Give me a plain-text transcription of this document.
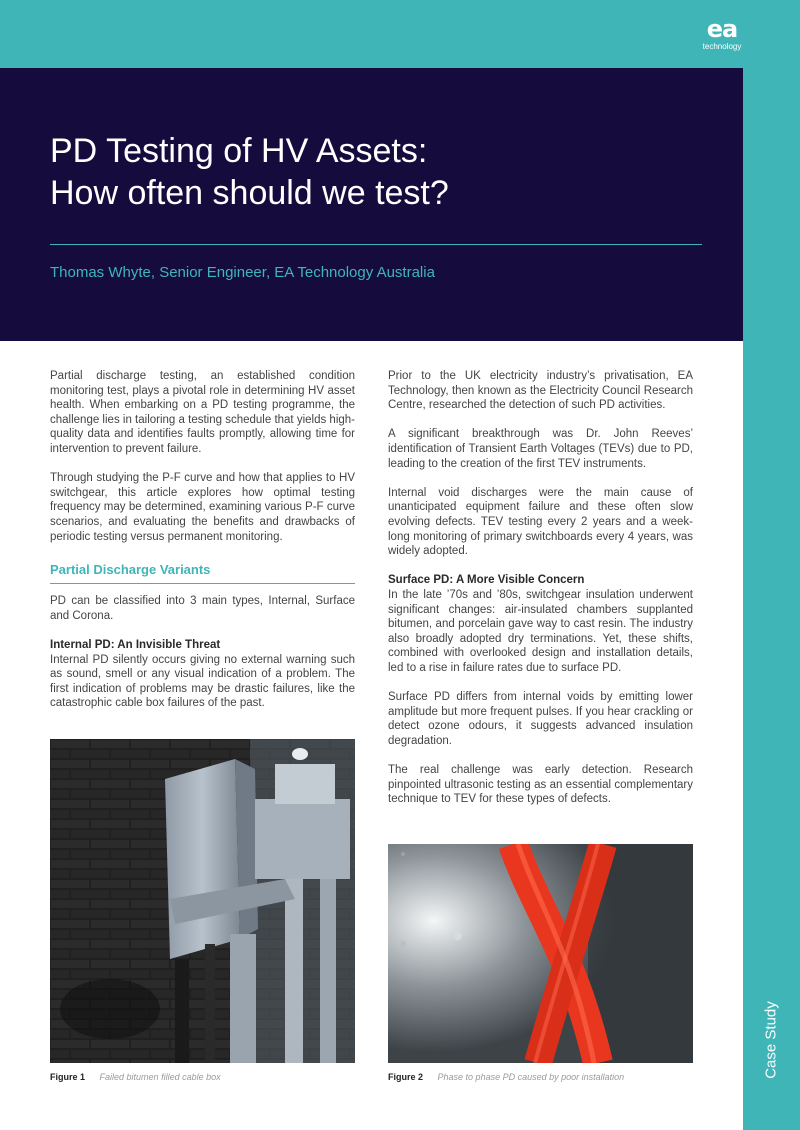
ea
technology
PD Testing of HV Assets:
How often should we test?
Thomas Whyte, Senior Engineer, EA Technology Australia

Partial discharge testing, an established condition monitoring test, plays a pivotal role in determining HV asset health. When embarking on a PD testing programme, the challenge lies in tailoring a testing schedule that yields high-quality data and identifies faults promptly, allowing time for intervention to prevent failure.

Through studying the P-F curve and how that applies to HV switchgear, this article explores how optimal testing frequency may be determined, examining various P-F curve scenarios, and evaluating the benefits and drawbacks of periodic testing versus permanent monitoring.

Partial Discharge Variants

PD can be classified into 3 main types, Internal, Surface and Corona.

Internal PD: An Invisible Threat
Internal PD silently occurs giving no external warning such as sound, smell or any visual indication of a problem. The first indication of problems may be drastic failures, like the catastrophic cable box failures of the past.

Prior to the UK electricity industry’s privatisation, EA Technology, then known as the Electricity Council Research Centre, researched the detection of such PD activities.

A significant breakthrough was Dr. John Reeves’ identification of Transient Earth Voltages (TEVs) due to PD, leading to the creation of the first TEV instruments.

Internal void discharges were the main cause of unanticipated equipment failure and these often slow evolving defects. TEV testing every 2 years and a week-long monitoring of primary switchboards every 4 years, was widely adopted.

Surface PD: A More Visible Concern
In the late ’70s and ’80s, switchgear insulation underwent significant changes: air-insulated chambers supplanted bitumen, and porcelain gave way to cast resin. The industry also broadly adopted dry terminations. Yet, these shifts, combined with overlooked design and installation details, led to a rise in failure rates due to surface PD.

Surface PD differs from internal voids by emitting lower amplitude but more frequent pulses. If you hear crackling or detect ozone odours, it suggests advanced insulation degradation.

The real challenge was early detection. Research pinpointed ultrasonic testing as an essential complementary technique to TEV for these types of defects.

Figure 1 Failed bitumen filled cable box	Figure 2 Phase to phase PD caused by poor installation	Case Study
